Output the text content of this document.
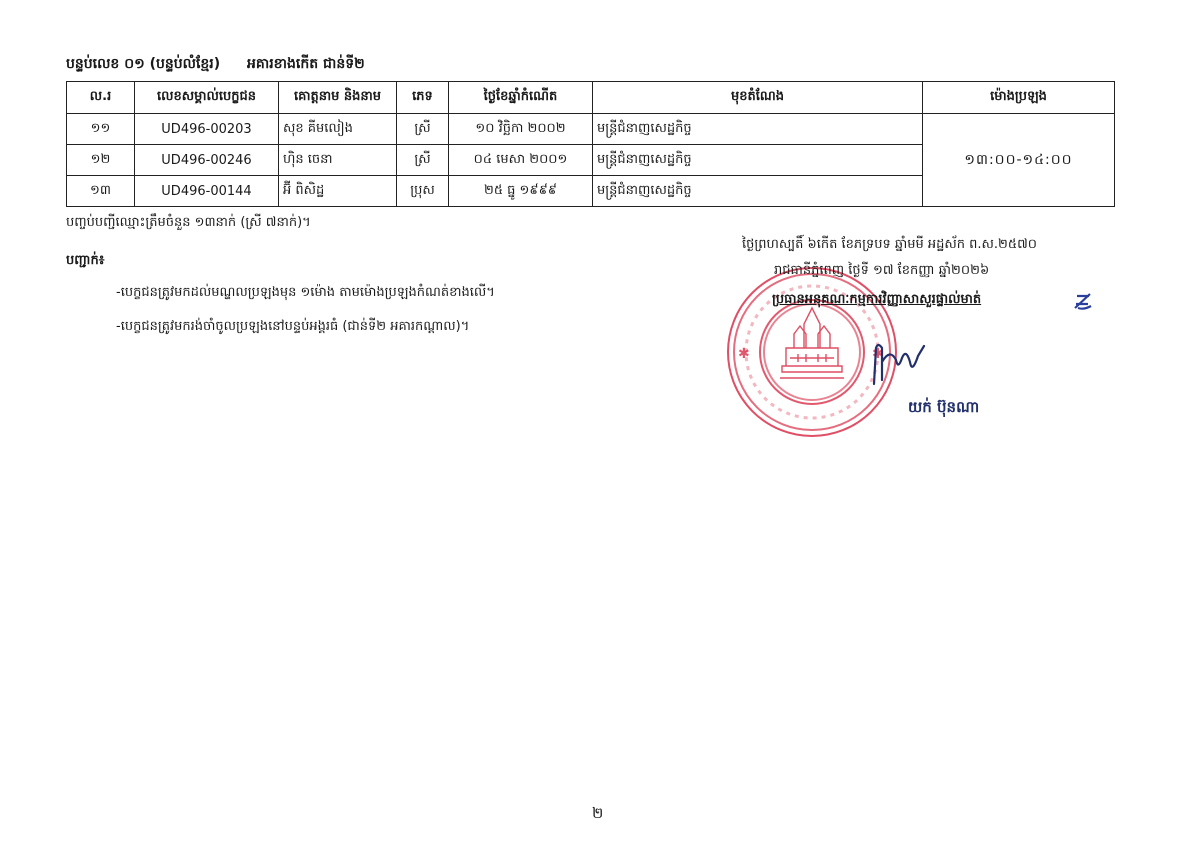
បន្ទប់លេខ ០១ (បន្ទប់លំខ្មែរ) អគារខាងកើត ជាន់ទី២
ល.រ	លេខសម្គាល់បេក្ខជន	គោត្តនាម និងនាម	ភេទ	ថ្ងៃខែឆ្នាំកំណើត	មុខតំណែង	ម៉ោងប្រឡង
១១	UD496-00203	សុខ គីមលៀង	ស្រី	១០ វិច្ឆិកា ២០០២	មន្ត្រីជំនាញសេដ្ឋកិច្ច	១៣:០០-១៤:០០
១២	UD496-00246	ហ៊ិន ចេនា	ស្រី	០៤ មេសា ២០០១	មន្ត្រីជំនាញសេដ្ឋកិច្ច	
១៣	UD496-00144	អ៊ី ពិសិដ្ឋ	ប្រុស	២៥ ធ្នូ ១៩៩៩	មន្ត្រីជំនាញសេដ្ឋកិច្ច	
បញ្ចប់បញ្ជីឈ្មោះត្រឹមចំនួន ១៣នាក់ (ស្រី ៧នាក់)។
បញ្ជាក់៖
-បេក្ខជនត្រូវមកដល់មណ្ឌលប្រឡងមុន ១ម៉ោង តាមម៉ោងប្រឡងកំណត់ខាងលើ។
-បេក្ខជនត្រូវមករង់ចាំចូលប្រឡងនៅបន្ទប់អង្គរធំ (ជាន់ទី២ អគារកណ្តាល)។
✱	✱
ថ្ងៃព្រហស្បតិ៍ ៦កើត ខែភទ្របទ ឆ្នាំមមី អដ្ឋស័ក ព.ស.២៥៧០
រាជធានីភ្នំពេញ ថ្ងៃទី ១៧ ខែកញ្ញា ឆ្នាំ២០២៦
ប្រធានអនុគណៈកម្មការវិញ្ញាសាសួរផ្ទាល់មាត់
យក់ ប៊ុនណា
២
